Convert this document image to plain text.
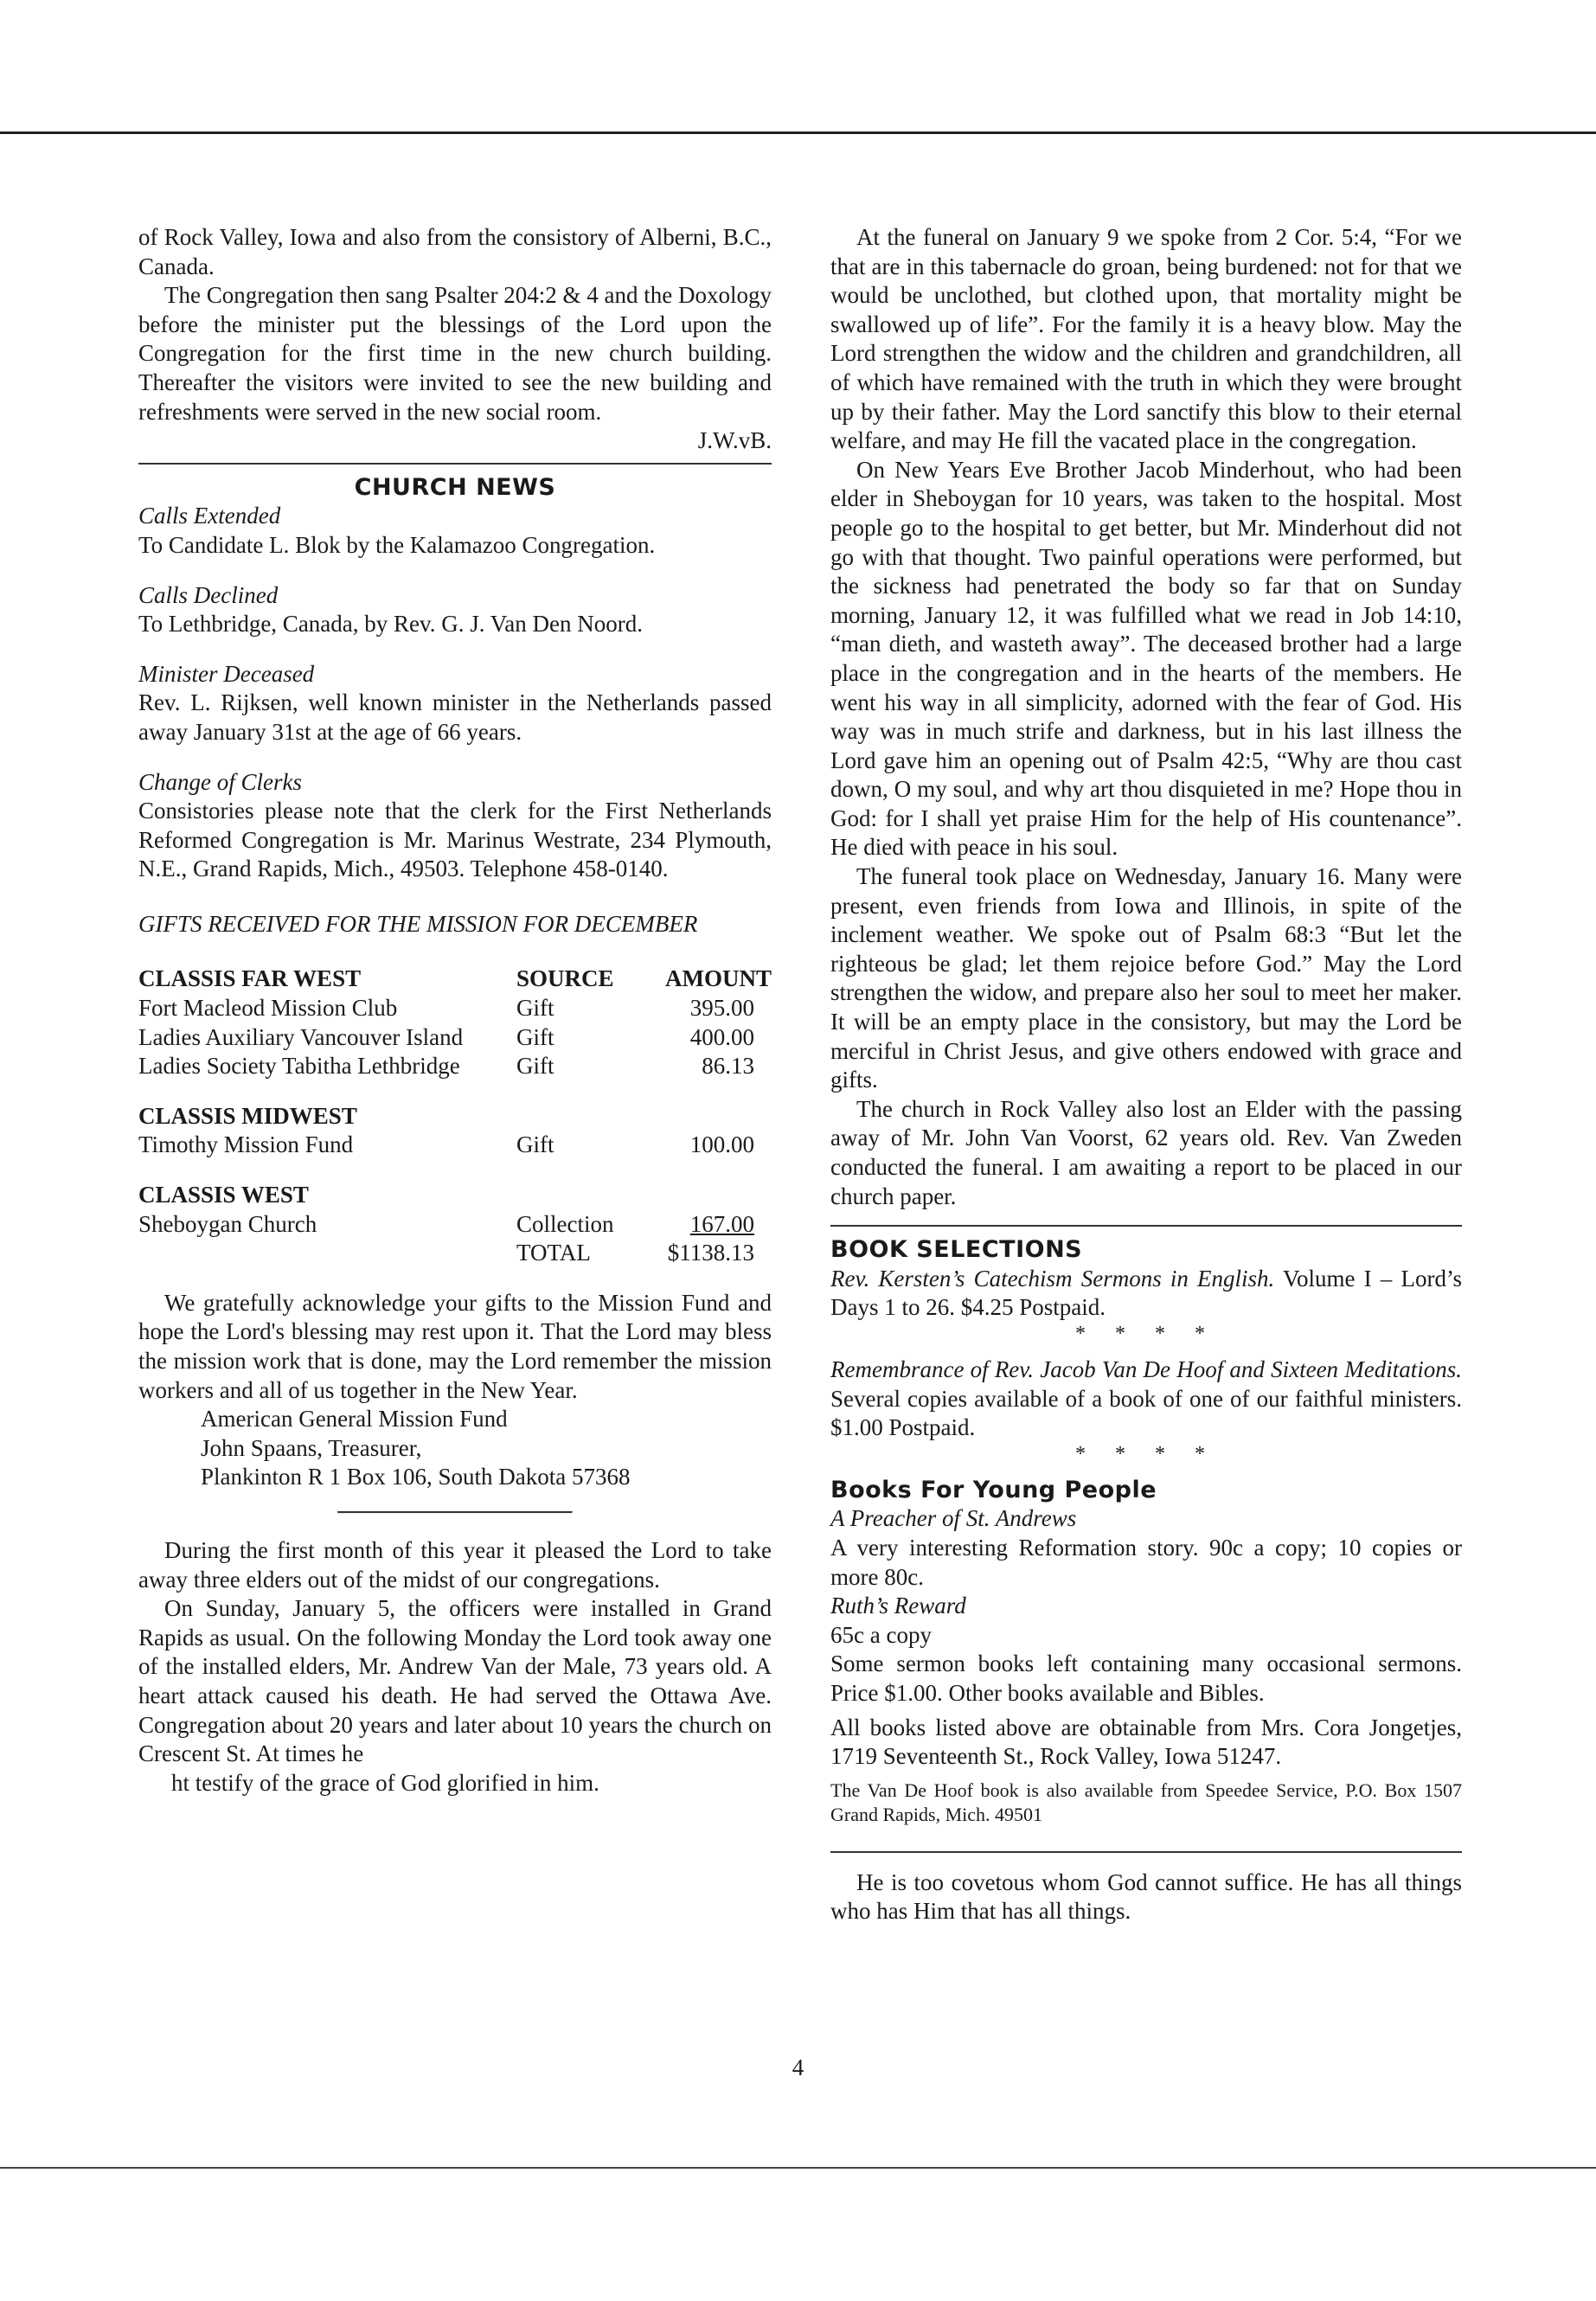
of Rock Valley, Iowa and also from the consistory of Alberni, B.C., Canada.

The Congregation then sang Psalter 204:2 & 4 and the Doxology before the minister put the blessings of the Lord upon the Congregation for the first time in the new church building. Thereafter the visitors were invited to see the new building and refreshments were served in the new social room.

J.W.vB.

CHURCH NEWS

Calls Extended

To Candidate L. Blok by the Kalamazoo Congregation.

Calls Declined

To Lethbridge, Canada, by Rev. G. J. Van Den Noord.

Minister Deceased

Rev. L. Rijksen, well known minister in the Netherlands passed away January 31st at the age of 66 years.

Change of Clerks

Consistories please note that the clerk for the First Netherlands Reformed Congregation is Mr. Marinus Westrate, 234 Plymouth, N.E., Grand Rapids, Mich., 49503. Telephone 458-0140.

GIFTS RECEIVED FOR THE MISSION FOR DECEMBER

CLASSIS FAR WEST	SOURCE	AMOUNT
Fort Macleod Mission Club	Gift	395.00
Ladies Auxiliary Vancouver Island	Gift	400.00
Ladies Society Tabitha Lethbridge	Gift	86.13

CLASSIS MIDWEST		
Timothy Mission Fund	Gift	100.00

CLASSIS WEST		
Sheboygan Church	Collection	167.00
	TOTAL	$1138.13

We gratefully acknowledge your gifts to the Mission Fund and hope the Lord's blessing may rest upon it. That the Lord may bless the mission work that is done, may the Lord remember the mission workers and all of us together in the New Year.

American General Mission Fund

John Spaans, Treasurer,

Plankinton R 1 Box 106, South Dakota 57368

During the first month of this year it pleased the Lord to take away three elders out of the midst of our congregations.

On Sunday, January 5, the officers were installed in Grand Rapids as usual. On the following Monday the Lord took away one of the installed elders, Mr. Andrew Van der Male, 73 years old. A heart attack caused his death. He had served the Ottawa Ave. Congregation about 20 years and later about 10 years the church on Crescent St. At times he

ht testify of the grace of God glorified in him.

At the funeral on January 9 we spoke from 2 Cor. 5:4, “For we that are in this tabernacle do groan, being burdened: not for that we would be unclothed, but clothed upon, that mortality might be swallowed up of life”. For the family it is a heavy blow. May the Lord strengthen the widow and the children and grandchildren, all of which have remained with the truth in which they were brought up by their father. May the Lord sanctify this blow to their eternal welfare, and may He fill the vacated place in the congregation.

On New Years Eve Brother Jacob Minderhout, who had been elder in Sheboygan for 10 years, was taken to the hospital. Most people go to the hospital to get better, but Mr. Minderhout did not go with that thought. Two painful operations were performed, but the sickness had penetrated the body so far that on Sunday morning, January 12, it was fulfilled what we read in Job 14:10, “man dieth, and wasteth away”. The deceased brother had a large place in the congregation and in the hearts of the members. He went his way in all simplicity, adorned with the fear of God. His way was in much strife and darkness, but in his last illness the Lord gave him an opening out of Psalm 42:5, “Why are thou cast down, O my soul, and why art thou disquieted in me? Hope thou in God: for I shall yet praise Him for the help of His countenance”. He died with peace in his soul.

The funeral took place on Wednesday, January 16. Many were present, even friends from Iowa and Illinois, in spite of the inclement weather. We spoke out of Psalm 68:3 “But let the righteous be glad; let them rejoice before God.” May the Lord strengthen the widow, and prepare also her soul to meet her maker. It will be an empty place in the consistory, but may the Lord be merciful in Christ Jesus, and give others endowed with grace and gifts.

The church in Rock Valley also lost an Elder with the passing away of Mr. John Van Voorst, 62 years old. Rev. Van Zweden conducted the funeral. I am awaiting a report to be placed in our church paper.

BOOK SELECTIONS

Rev. Kersten’s Catechism Sermons in English. Volume I – Lord’s Days 1 to 26. $4.25 Postpaid.

* * * *

Remembrance of Rev. Jacob Van De Hoof and Sixteen Meditations. Several copies available of a book of one of our faithful ministers. $1.00 Postpaid.

* * * *

Books For Young People

A Preacher of St. Andrews

A very interesting Reformation story. 90c a copy; 10 copies or more 80c.

Ruth’s Reward

65c a copy

Some sermon books left containing many occasional sermons. Price $1.00. Other books available and Bibles.

All books listed above are obtainable from Mrs. Cora Jongetjes, 1719 Seventeenth St., Rock Valley, Iowa 51247.

The Van De Hoof book is also available from Speedee Service, P.O. Box 1507 Grand Rapids, Mich. 49501

He is too covetous whom God cannot suffice. He has all things who has Him that has all things.

4
